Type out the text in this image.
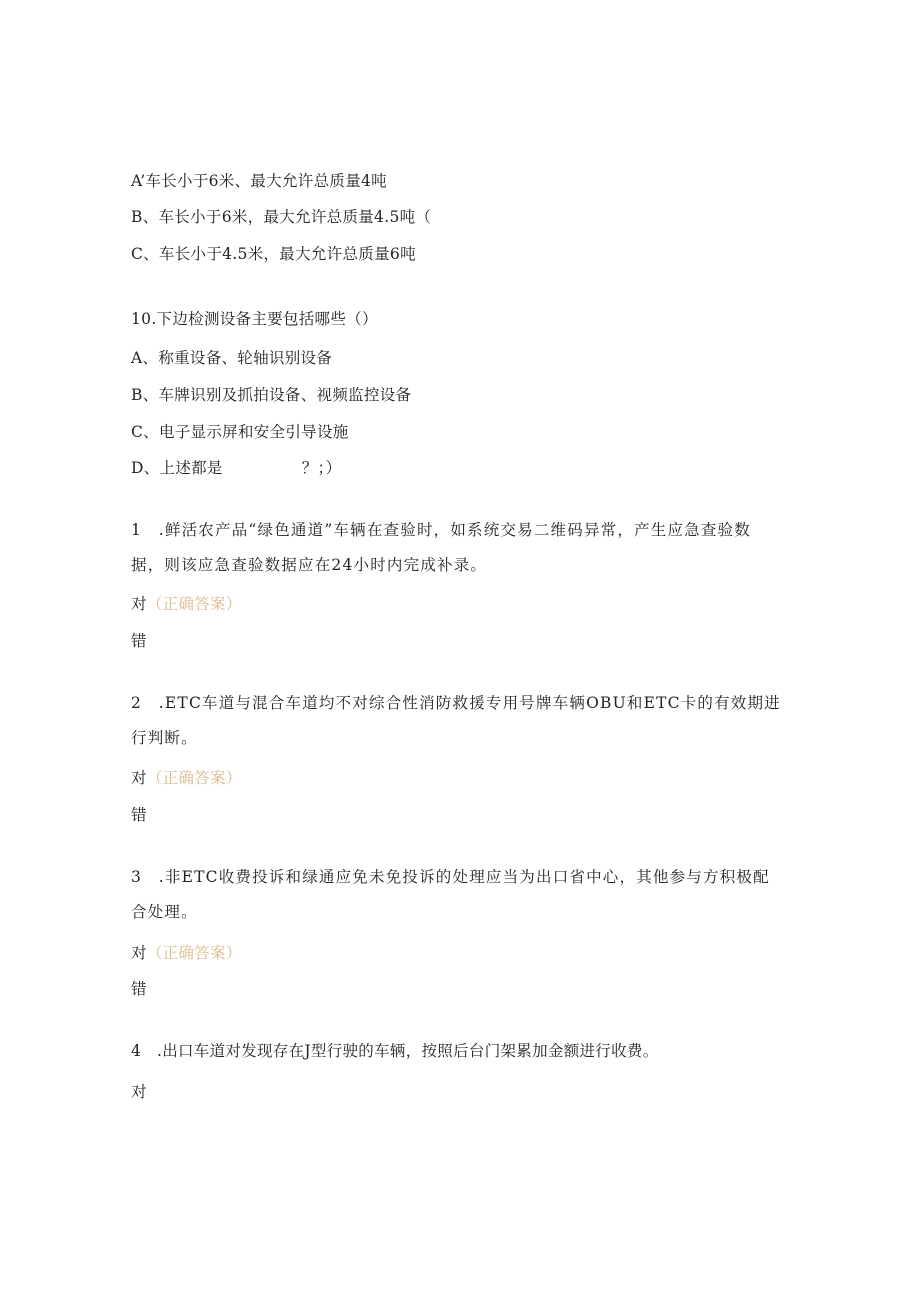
A’车长小于6米、最大允许总质量4吨
B、车长小于6米，最大允许总质量4.5吨（
C、车长小于4.5米，最大允许总质量6吨
10.下边检测设备主要包括哪些（）
A、称重设备、轮轴识别设备
B、车牌识别及抓拍设备、视频监控设备
C、电子显示屏和安全引导设施
D、上述都是　　　　　？；）
1　.鲜活农产品“绿色通道”车辆在查验时，如系统交易二维码异常，产生应急查验数据，则该应急查验数据应在24小时内完成补录。
对（正确答案）
错
2　.ETC车道与混合车道均不对综合性消防救援专用号牌车辆OBU和ETC卡的有效期进行判断。
对（正确答案）
错
3　.非ETC收费投诉和绿通应免未免投诉的处理应当为出口省中心，其他参与方积极配合处理。
对（正确答案）
错
4　.出口车道对发现存在J型行驶的车辆，按照后台门架累加金额进行收费。
对
